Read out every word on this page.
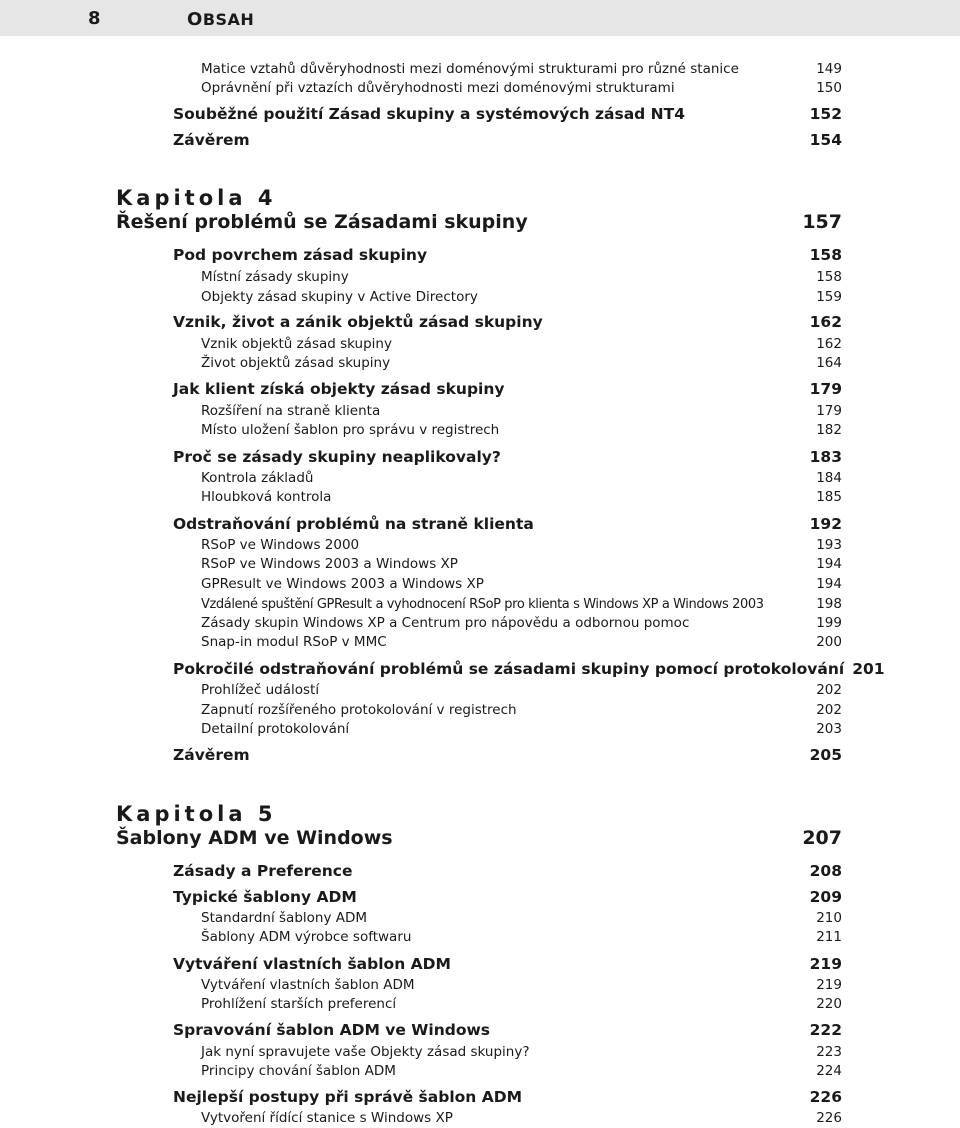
8	OBSAH
Matice vztahů důvěryhodnosti mezi doménovými strukturami pro různé stanice	149
Oprávnění při vztazích důvěryhodnosti mezi doménovými strukturami	150
Souběžné použití Zásad skupiny a systémových zásad NT4	152
Závěrem	154
Kapitola 4
Řešení problémů se Zásadami skupiny	157
Pod povrchem zásad skupiny	158
Místní zásady skupiny	158
Objekty zásad skupiny v Active Directory	159
Vznik, život a zánik objektů zásad skupiny	162
Vznik objektů zásad skupiny	162
Život objektů zásad skupiny	164
Jak klient získá objekty zásad skupiny	179
Rozšíření na straně klienta	179
Místo uložení šablon pro správu v registrech	182
Proč se zásady skupiny neaplikovaly?	183
Kontrola základů	184
Hloubková kontrola	185
Odstraňování problémů na straně klienta	192
RSoP ve Windows 2000	193
RSoP ve Windows 2003 a Windows XP	194
GPResult ve Windows 2003 a Windows XP	194
Vzdálené spuštění GPResult a vyhodnocení RSoP pro klienta s Windows XP a Windows 2003	198
Zásady skupin Windows XP a Centrum pro nápovědu a odbornou pomoc	199
Snap-in modul RSoP v MMC	200
Pokročilé odstraňování problémů se zásadami skupiny pomocí protokolování 201
Prohlížeč událostí	202
Zapnutí rozšířeného protokolování v registrech	202
Detailní protokolování	203
Závěrem	205
Kapitola 5
Šablony ADM ve Windows	207
Zásady a Preference	208
Typické šablony ADM	209
Standardní šablony ADM	210
Šablony ADM výrobce softwaru	211
Vytváření vlastních šablon ADM	219
Vytváření vlastních šablon ADM	219
Prohlížení starších preferencí	220
Spravování šablon ADM ve Windows	222
Jak nyní spravujete vaše Objekty zásad skupiny?	223
Principy chování šablon ADM	224
Nejlepší postupy při správě šablon ADM	226
Vytvoření řídící stanice s Windows XP	226
